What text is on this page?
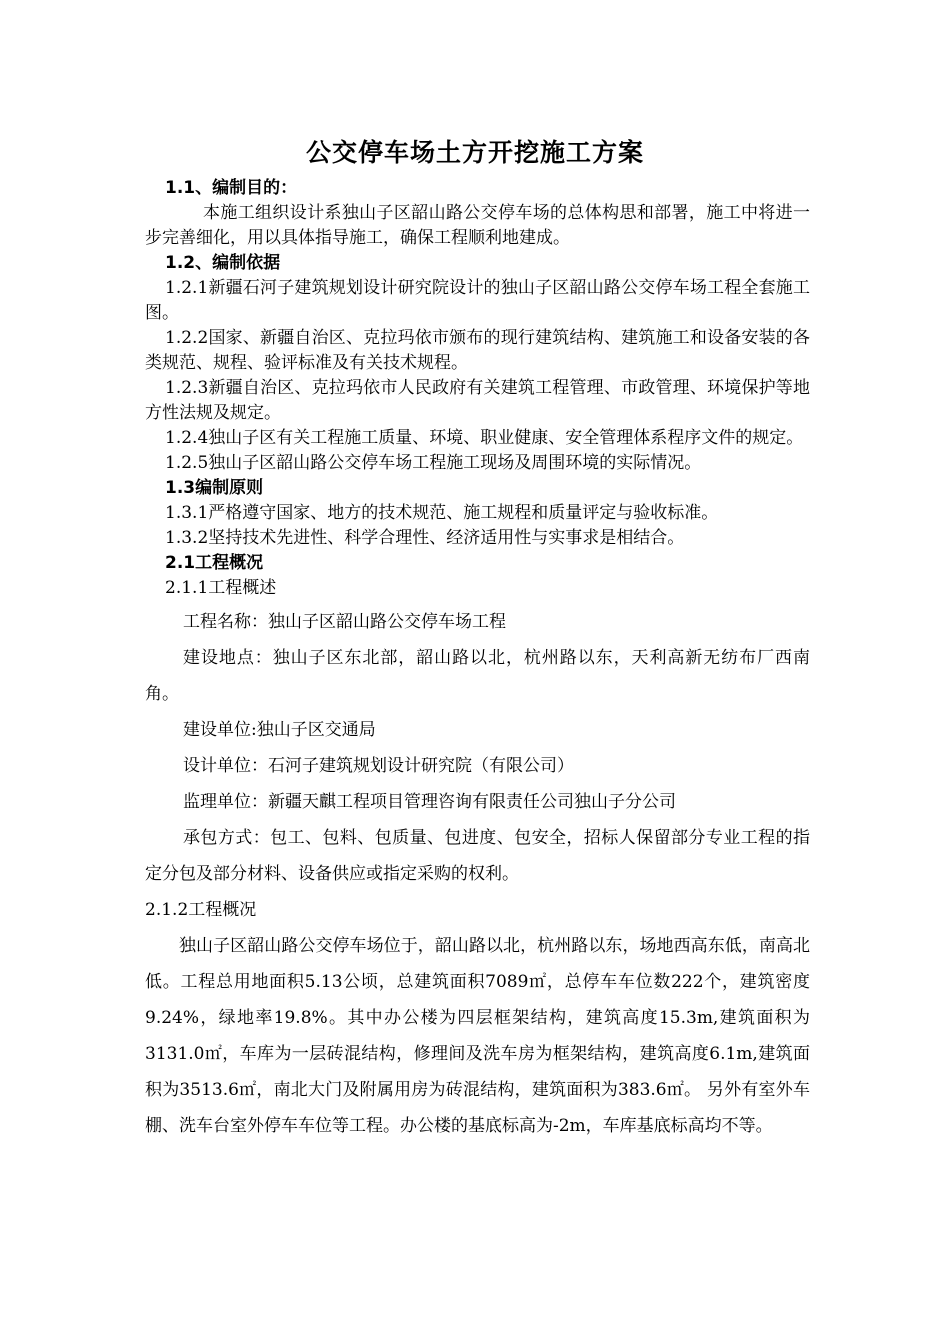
公交停车场土方开挖施工方案
1.1、编制目的：
本施工组织设计系独山子区韶山路公交停车场的总体构思和部署，施工中将进一步完善细化，用以具体指导施工，确保工程顺利地建成。
1.2、编制依据
1.2.1新疆石河子建筑规划设计研究院设计的独山子区韶山路公交停车场工程全套施工图。
1.2.2国家、新疆自治区、克拉玛依市颁布的现行建筑结构、建筑施工和设备安装的各类规范、规程、验评标准及有关技术规程。
1.2.3新疆自治区、克拉玛依市人民政府有关建筑工程管理、市政管理、环境保护等地方性法规及规定。
1.2.4独山子区有关工程施工质量、环境、职业健康、安全管理体系程序文件的规定。
1.2.5独山子区韶山路公交停车场工程施工现场及周围环境的实际情况。
1.3编制原则
1.3.1严格遵守国家、地方的技术规范、施工规程和质量评定与验收标准。
1.3.2坚持技术先进性、科学合理性、经济适用性与实事求是相结合。
2.1工程概况
2.1.1工程概述
工程名称：独山子区韶山路公交停车场工程
建设地点：独山子区东北部，韶山路以北，杭州路以东，天利高新无纺布厂西南角。
建设单位:独山子区交通局
设计单位：石河子建筑规划设计研究院（有限公司）
监理单位：新疆天麒工程项目管理咨询有限责任公司独山子分公司
承包方式：包工、包料、包质量、包进度、包安全，招标人保留部分专业工程的指定分包及部分材料、设备供应或指定采购的权利。
2.1.2工程概况
独山子区韶山路公交停车场位于，韶山路以北，杭州路以东，场地西高东低，南高北低。工程总用地面积5.13公顷，总建筑面积7089㎡，总停车车位数222个，建筑密度9.24%，绿地率19.8%。其中办公楼为四层框架结构，建筑高度15.3m,建筑面积为3131.0㎡，车库为一层砖混结构，修理间及洗车房为框架结构，建筑高度6.1m,建筑面积为3513.6㎡，南北大门及附属用房为砖混结构，建筑面积为383.6㎡。 另外有室外车棚、洗车台室外停车车位等工程。办公楼的基底标高为-2m，车库基底标高均不等。
